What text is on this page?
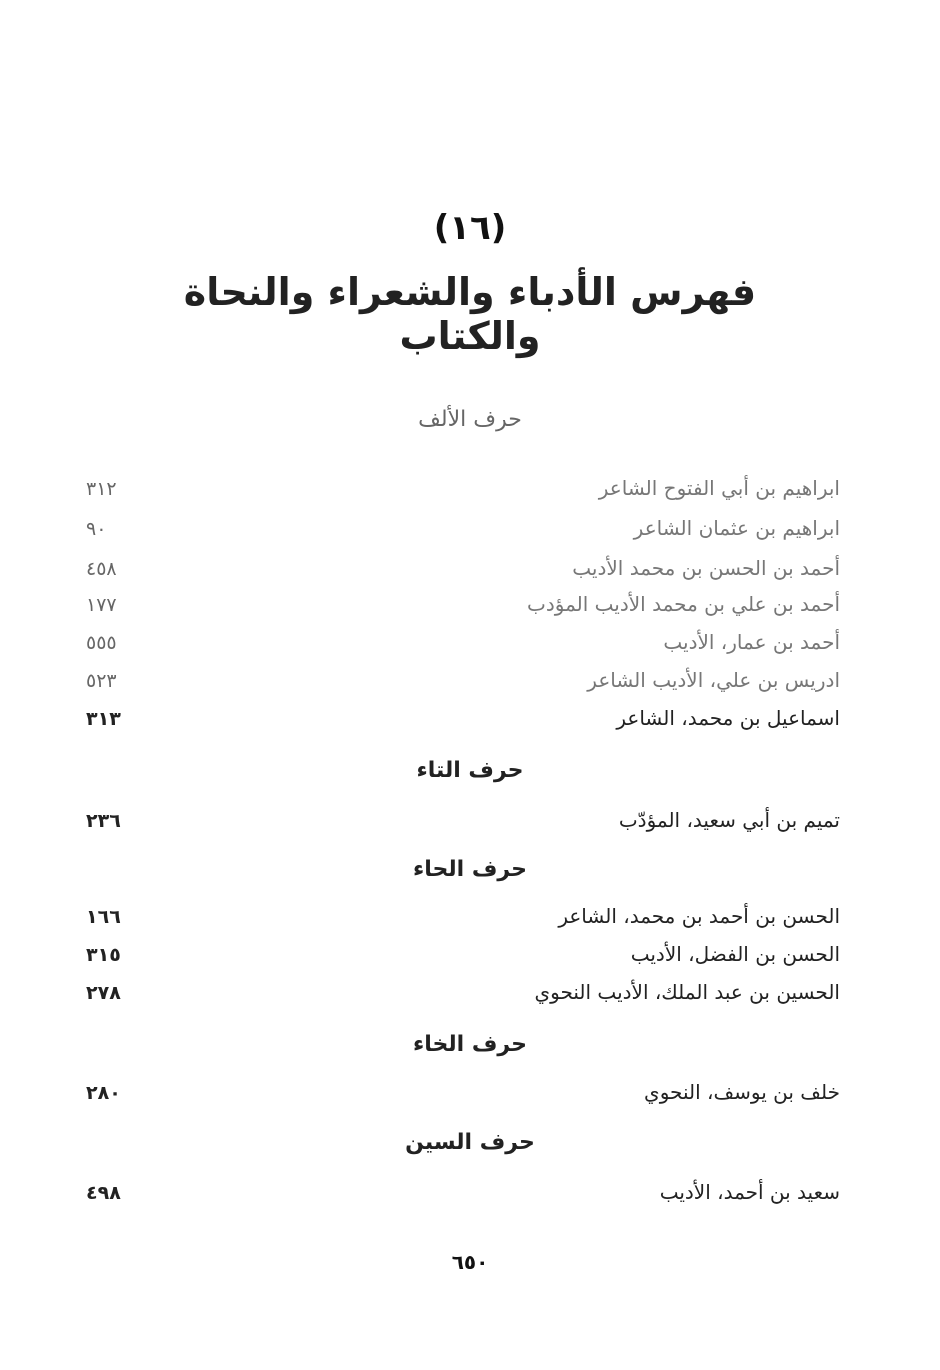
(١٦)
فهرس الأدباء والشعراء والنحاة والكتاب
حرف الألف
ابراهيم بن أبي الفتوح الشاعر
٣١٢
ابراهيم بن عثمان الشاعر
٩٠
أحمد بن الحسن بن محمد الأديب
٤٥٨
أحمد بن علي بن محمد الأديب المؤدب
١٧٧
أحمد بن عمار، الأديب
٥٥٥
ادريس بن علي، الأديب الشاعر
٥٢٣
اسماعيل بن محمد، الشاعر
٣١٣
حرف التاء
تميم بن أبي سعيد، المؤدّب
٢٣٦
حرف الحاء
الحسن بن أحمد بن محمد، الشاعر
١٦٦
الحسن بن الفضل، الأديب
٣١٥
الحسين بن عبد الملك، الأديب النحوي
٢٧٨
حرف الخاء
خلف بن يوسف، النحوي
٢٨٠
حرف السين
سعيد بن أحمد، الأديب
٤٩٨
٦٥٠
